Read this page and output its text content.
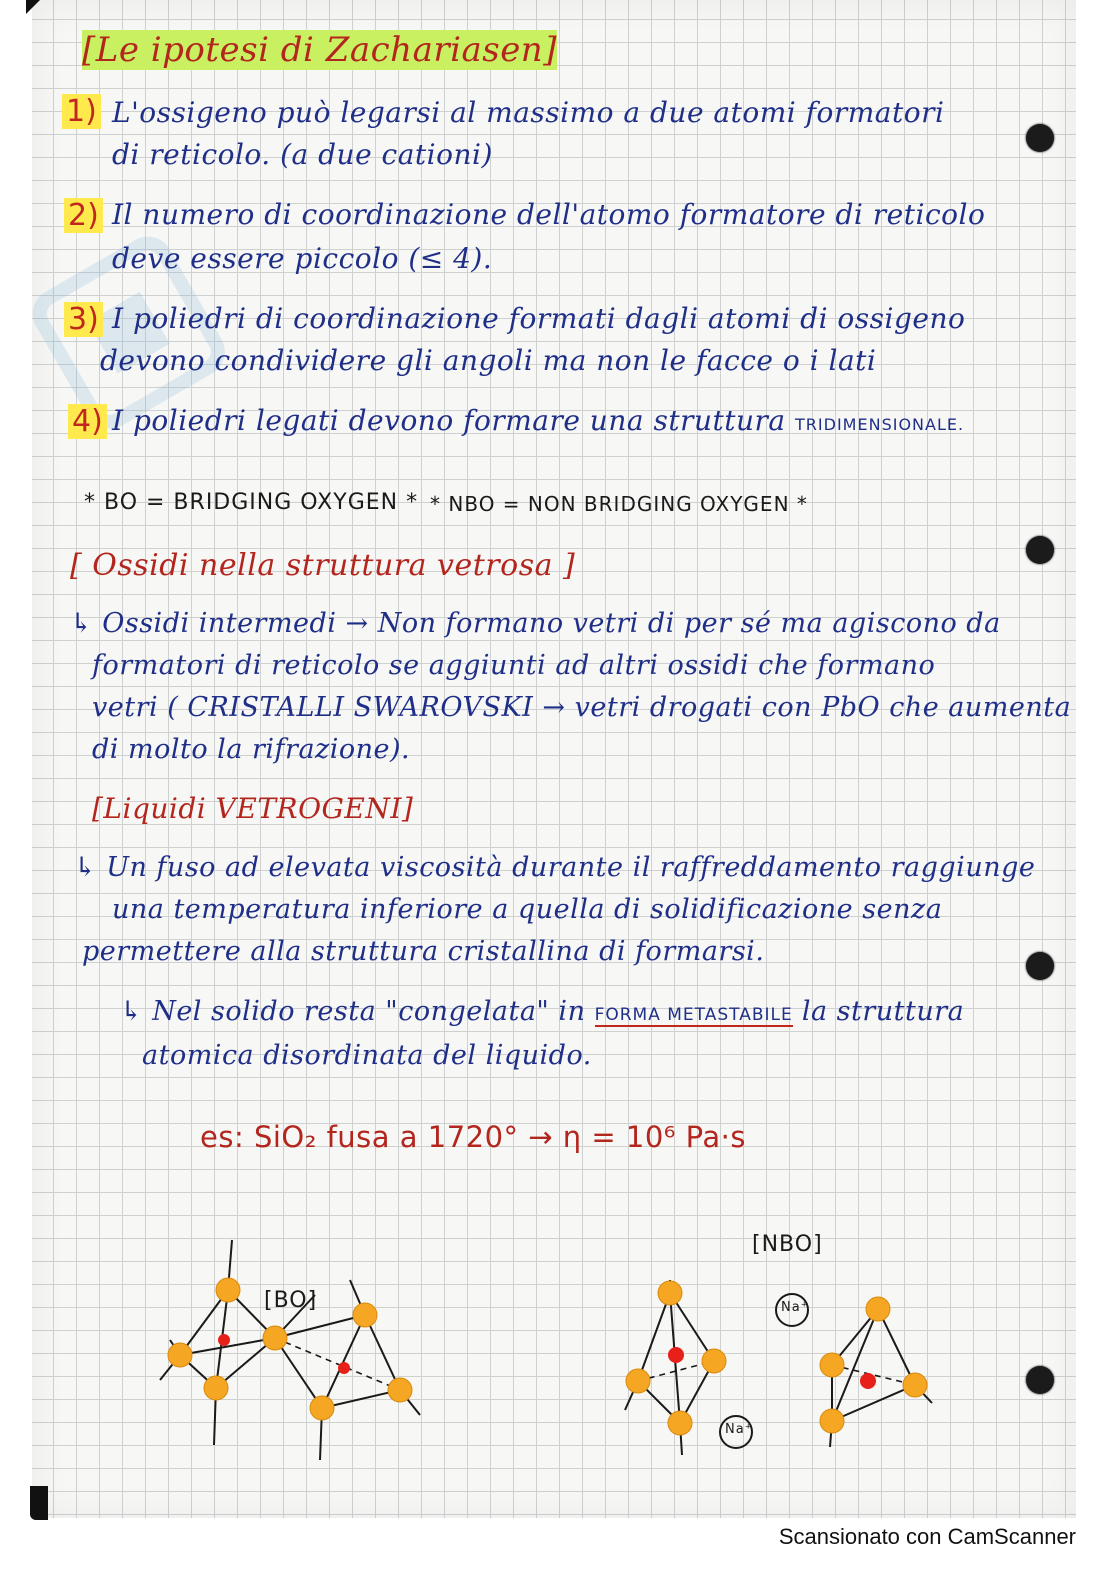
[Le ipotesi di Zachariasen]
1) L'ossigeno può legarsi al massimo a due atomi formatori
di reticolo. (a due cationi)
2) Il numero di coordinazione dell'atomo formatore di reticolo
deve essere piccolo (≤ 4).
3) I poliedri di coordinazione formati dagli atomi di ossigeno
devono condividere gli angoli ma non le facce o i lati
4) I poliedri legati devono formare una struttura TRIDIMENSIONALE.
* BO = BRIDGING OXYGEN * * NBO = NON BRIDGING OXYGEN *
[ Ossidi nella struttura vetrosa ]
↳ Ossidi intermedi → Non formano vetri di per sé ma agiscono da
formatori di reticolo se aggiunti ad altri ossidi che formano
vetri ( CRISTALLI SWAROVSKI → vetri drogati con PbO che aumenta
di molto la rifrazione).
[Liquidi VETROGENI]
↳ Un fuso ad elevata viscosità durante il raffreddamento raggiunge
una temperatura inferiore a quella di solidificazione senza
permettere alla struttura cristallina di formarsi.
↳ Nel solido resta "congelata" in FORMA METASTABILE la struttura
atomica disordinata del liquido.
es: SiO₂ fusa a 1720° → η = 10⁶ Pa·s
[BO]	Na⁺
Na⁺
[NBO]
Scansionato con CamScanner
